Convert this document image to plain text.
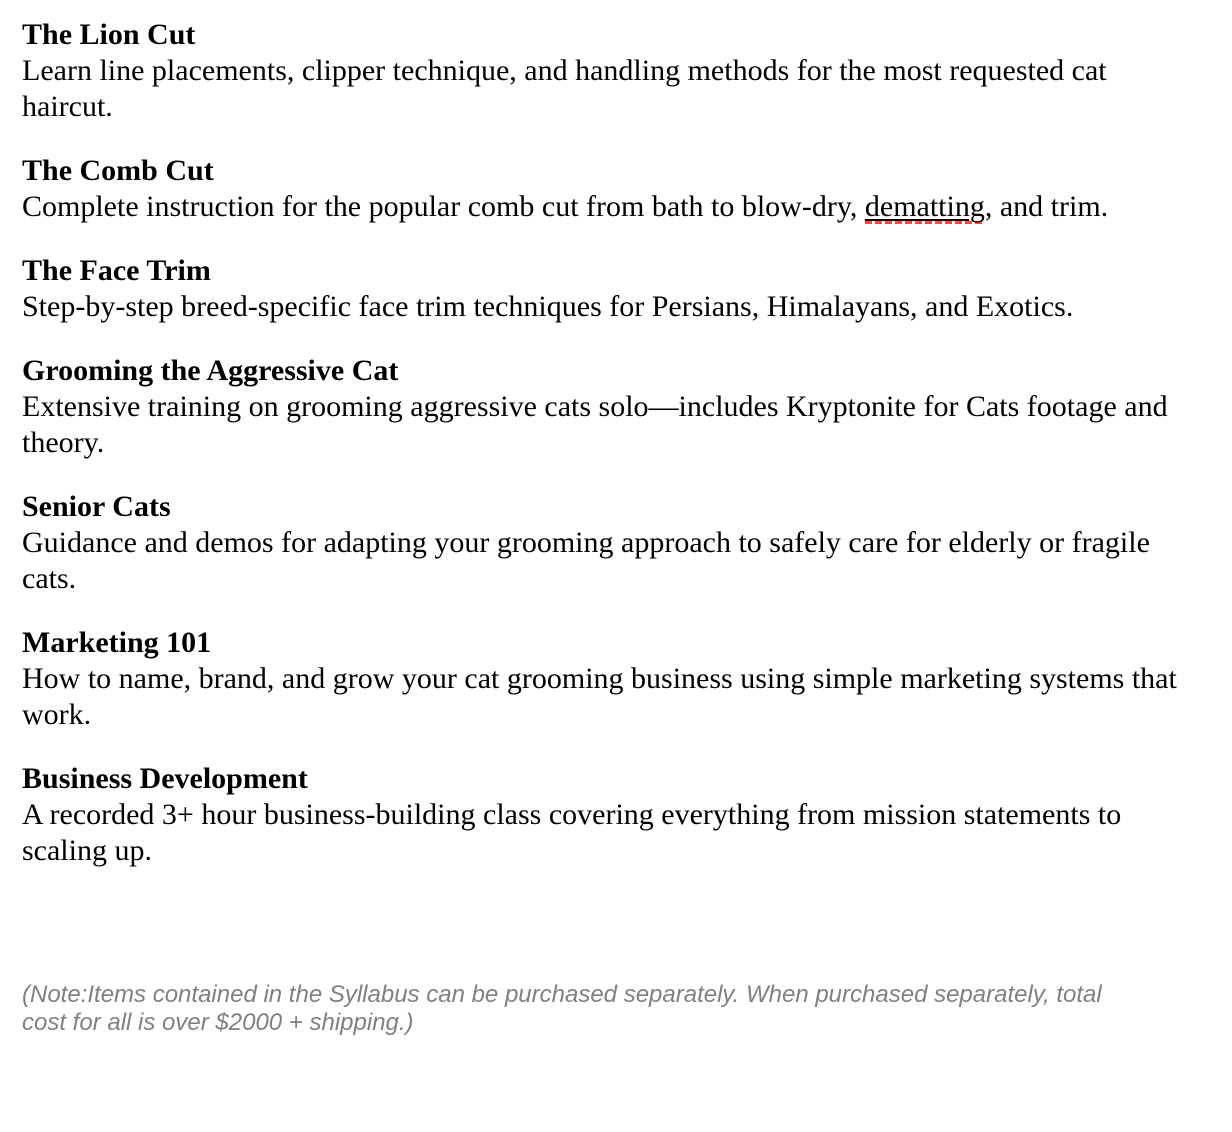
The Lion Cut
Learn line placements, clipper technique, and handling methods for the most requested cat
haircut.
The Comb Cut
Complete instruction for the popular comb cut from bath to blow-dry, dematting, and trim.
The Face Trim
Step-by-step breed-specific face trim techniques for Persians, Himalayans, and Exotics.
Grooming the Aggressive Cat
Extensive training on grooming aggressive cats solo—includes Kryptonite for Cats footage and
theory.
Senior Cats
Guidance and demos for adapting your grooming approach to safely care for elderly or fragile
cats.
Marketing 101
How to name, brand, and grow your cat grooming business using simple marketing systems that
work.
Business Development
A recorded 3+ hour business-building class covering everything from mission statements to
scaling up.
(Note:Items contained in the Syllabus can be purchased separately. When purchased separately, total
cost for all is over $2000 + shipping.)
